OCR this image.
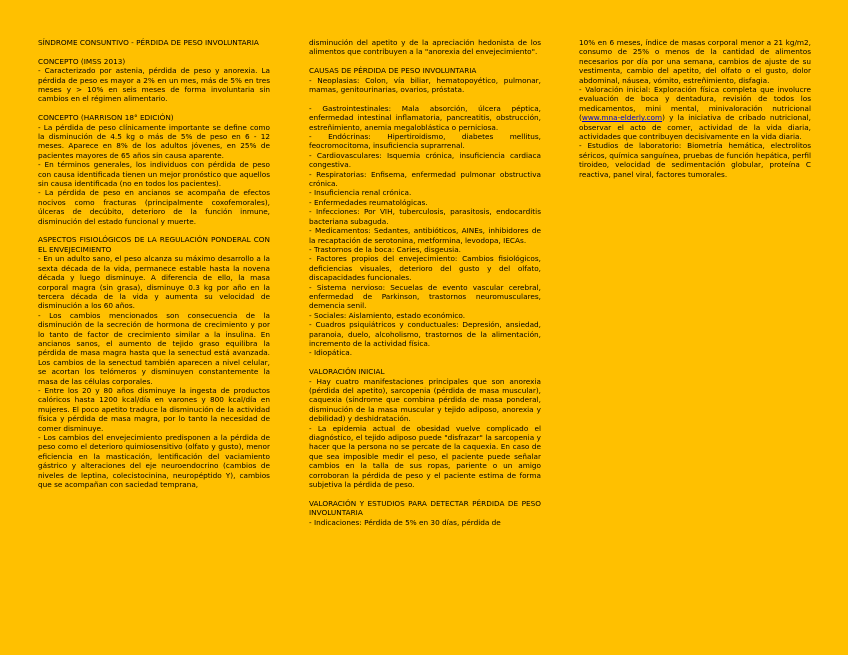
SÍNDROME CONSUNTIVO - PÉRDIDA DE PESO INVOLUNTARIA

CONCEPTO (IMSS 2013)

- Caracterizado por astenia, pérdida de peso y anorexia. La pérdida de peso es mayor a 2% en un mes, más de 5% en tres meses y > 10% en seis meses de forma involuntaria sin cambios en el régimen alimentario.

CONCEPTO (HARRISON 18° EDICIÓN)

- La pérdida de peso clínicamente importante se define como la disminución de 4.5 kg o más de 5% de peso en 6 - 12 meses. Aparece en 8% de los adultos jóvenes, en 25% de pacientes mayores de 65 años sin causa aparente.

- En términos generales, los individuos con pérdida de peso con causa identificada tienen un mejor pronóstico que aquellos sin causa identificada (no en todos los pacientes).

- La pérdida de peso en ancianos se acompaña de efectos nocivos como fracturas (principalmente coxofemorales), úlceras de decúbito, deterioro de la función inmune, disminución del estado funcional y muerte.

ASPECTOS FISIOLÓGICOS DE LA REGULACIÓN PONDERAL CON EL ENVEJECIMIENTO

- En un adulto sano, el peso alcanza su máximo desarrollo a la sexta década de la vida, permanece estable hasta la novena década y luego disminuye. A diferencia de ello, la masa corporal magra (sin grasa), disminuye 0.3 kg por año en la tercera década de la vida y aumenta su velocidad de disminución a los 60 años.

- Los cambios mencionados son consecuencia de la disminución de la secreción de hormona de crecimiento y por lo tanto de factor de crecimiento similar a la insulina. En ancianos sanos, el aumento de tejido graso equilibra la pérdida de masa magra hasta que la senectud está avanzada. Los cambios de la senectud también aparecen a nivel celular, se acortan los telómeros y disminuyen constantemente la masa de las células corporales.

- Entre los 20 y 80 años disminuye la ingesta de productos calóricos hasta 1200 kcal/día en varones y 800 kcal/día en mujeres. El poco apetito traduce la disminución de la actividad física y pérdida de masa magra, por lo tanto la necesidad de comer disminuye.

- Los cambios del envejecimiento predisponen a la pérdida de peso como el deterioro quimiosensitivo (olfato y gusto), menor eficiencia en la masticación, lentificación del vaciamiento gástrico y alteraciones del eje neuroendocrino (cambios de niveles de leptina, colecistocinina, neuropéptido Y), cambios que se acompañan con saciedad temprana,

disminución del apetito y de la apreciación hedonista de los alimentos que contribuyen a la "anorexia del envejecimiento".

CAUSAS DE PÉRDIDA DE PESO INVOLUNTARIA

- Neoplasias: Colon, vía biliar, hematopoyético, pulmonar, mamas, genitourinarias, ovarios, próstata.

- Gastrointestinales: Mala absorción, úlcera péptica, enfermedad intestinal inflamatoria, pancreatitis, obstrucción, estreñimiento, anemia megaloblástica o perniciosa.

- Endócrinas: Hipertiroidismo, diabetes mellitus, feocromocitoma, insuficiencia suprarrenal.

- Cardiovasculares: Isquemia crónica, insuficiencia cardiaca congestiva.

- Respiratorias: Enfisema, enfermedad pulmonar obstructiva crónica.

- Insuficiencia renal crónica.

- Enfermedades reumatológicas.

- Infecciones: Por VIH, tuberculosis, parasitosis, endocarditis bacteriana subaguda.

- Medicamentos: Sedantes, antibióticos, AINEs, inhibidores de la recaptación de serotonina, metformina, levodopa, IECAs.

- Trastornos de la boca: Caries, disgeusia.

- Factores propios del envejecimiento: Cambios fisiológicos, deficiencias visuales, deterioro del gusto y del olfato, discapacidades funcionales.

- Sistema nervioso: Secuelas de evento vascular cerebral, enfermedad de Parkinson, trastornos neuromusculares, demencia senil.

- Sociales: Aislamiento, estado económico.

- Cuadros psiquiátricos y conductuales: Depresión, ansiedad, paranoia, duelo, alcoholismo, trastornos de la alimentación, incremento de la actividad física.

- Idiopática.

VALORACIÓN INICIAL

- Hay cuatro manifestaciones principales que son anorexia (pérdida del apetito), sarcopenia (pérdida de masa muscular), caquexia (síndrome que combina pérdida de masa ponderal, disminución de la masa muscular y tejido adiposo, anorexia y debilidad) y deshidratación.

- La epidemia actual de obesidad vuelve complicado el diagnóstico, el tejido adiposo puede "disfrazar" la sarcopenia y hacer que la persona no se percate de la caquexia. En caso de que sea imposible medir el peso, el paciente puede señalar cambios en la talla de sus ropas, pariente o un amigo corroboran la pérdida de peso y el paciente estima de forma subjetiva la pérdida de peso.

VALORACIÓN Y ESTUDIOS PARA DETECTAR PÉRDIDA DE PESO INVOLUNTARIA

- Indicaciones: Pérdida de 5% en 30 días, pérdida de

10% en 6 meses, índice de masas corporal menor a 21 kg/m2, consumo de 25% o menos de la cantidad de alimentos necesarios por día por una semana, cambios de ajuste de su vestimenta, cambio del apetito, del olfato o el gusto, dolor abdominal, náusea, vómito, estreñimiento, disfagia.

- Valoración inicial: Exploración física completa que involucre evaluación de boca y dentadura, revisión de todos los medicamentos, mini mental, minivaloración nutricional (www.mna-elderly.com) y la iniciativa de cribado nutricional, observar el acto de comer, actividad de la vida diaria, actividades que contribuyen decisivamente en la vida diaria.

- Estudios de laboratorio: Biometría hemática, electrolitos séricos, química sanguínea, pruebas de función hepática, perfil tiroideo, velocidad de sedimentación globular, proteína C reactiva, panel viral, factores tumorales.
